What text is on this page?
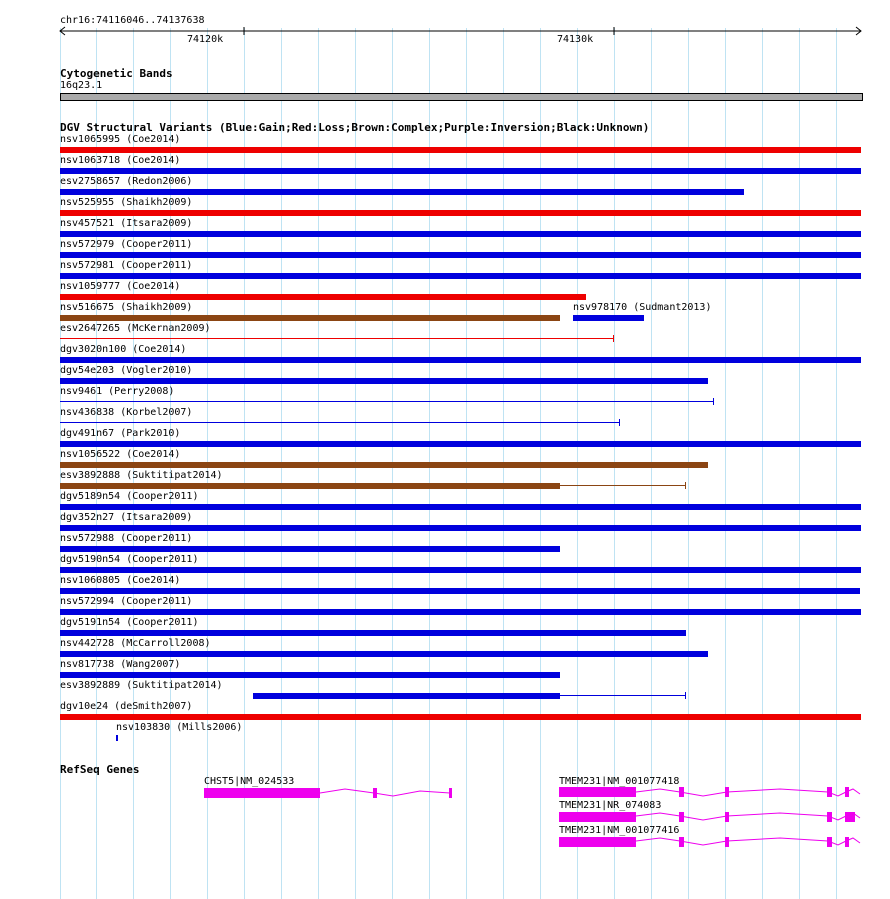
chr16:74116046..74137638
74120k	74130k
Cytogenetic Bands
16q23.1
DGV Structural Variants (Blue:Gain;Red:Loss;Brown:Complex;Purple:Inversion;Black:Unknown)
nsv1065995 (Coe2014)
nsv1063718 (Coe2014)
esv2758657 (Redon2006)
nsv525955 (Shaikh2009)
nsv457521 (Itsara2009)
nsv572979 (Cooper2011)
nsv572981 (Cooper2011)
nsv1059777 (Coe2014)
nsv516675 (Shaikh2009)	nsv978170 (Sudmant2013)
esv2647265 (McKernan2009)
dgv3020n100 (Coe2014)
dgv54e203 (Vogler2010)
nsv9461 (Perry2008)
nsv436838 (Korbel2007)
dgv491n67 (Park2010)
nsv1056522 (Coe2014)
esv3892888 (Suktitipat2014)
dgv5189n54 (Cooper2011)
dgv352n27 (Itsara2009)
nsv572988 (Cooper2011)
dgv5190n54 (Cooper2011)
nsv1060805 (Coe2014)
nsv572994 (Cooper2011)
dgv5191n54 (Cooper2011)
nsv442728 (McCarroll2008)
nsv817738 (Wang2007)
esv3892889 (Suktitipat2014)
dgv10e24 (deSmith2007)
nsv103830 (Mills2006)
RefSeq Genes
CHST5|NM_024533	TMEM231|NM_001077418
TMEM231|NR_074083
TMEM231|NM_001077416
